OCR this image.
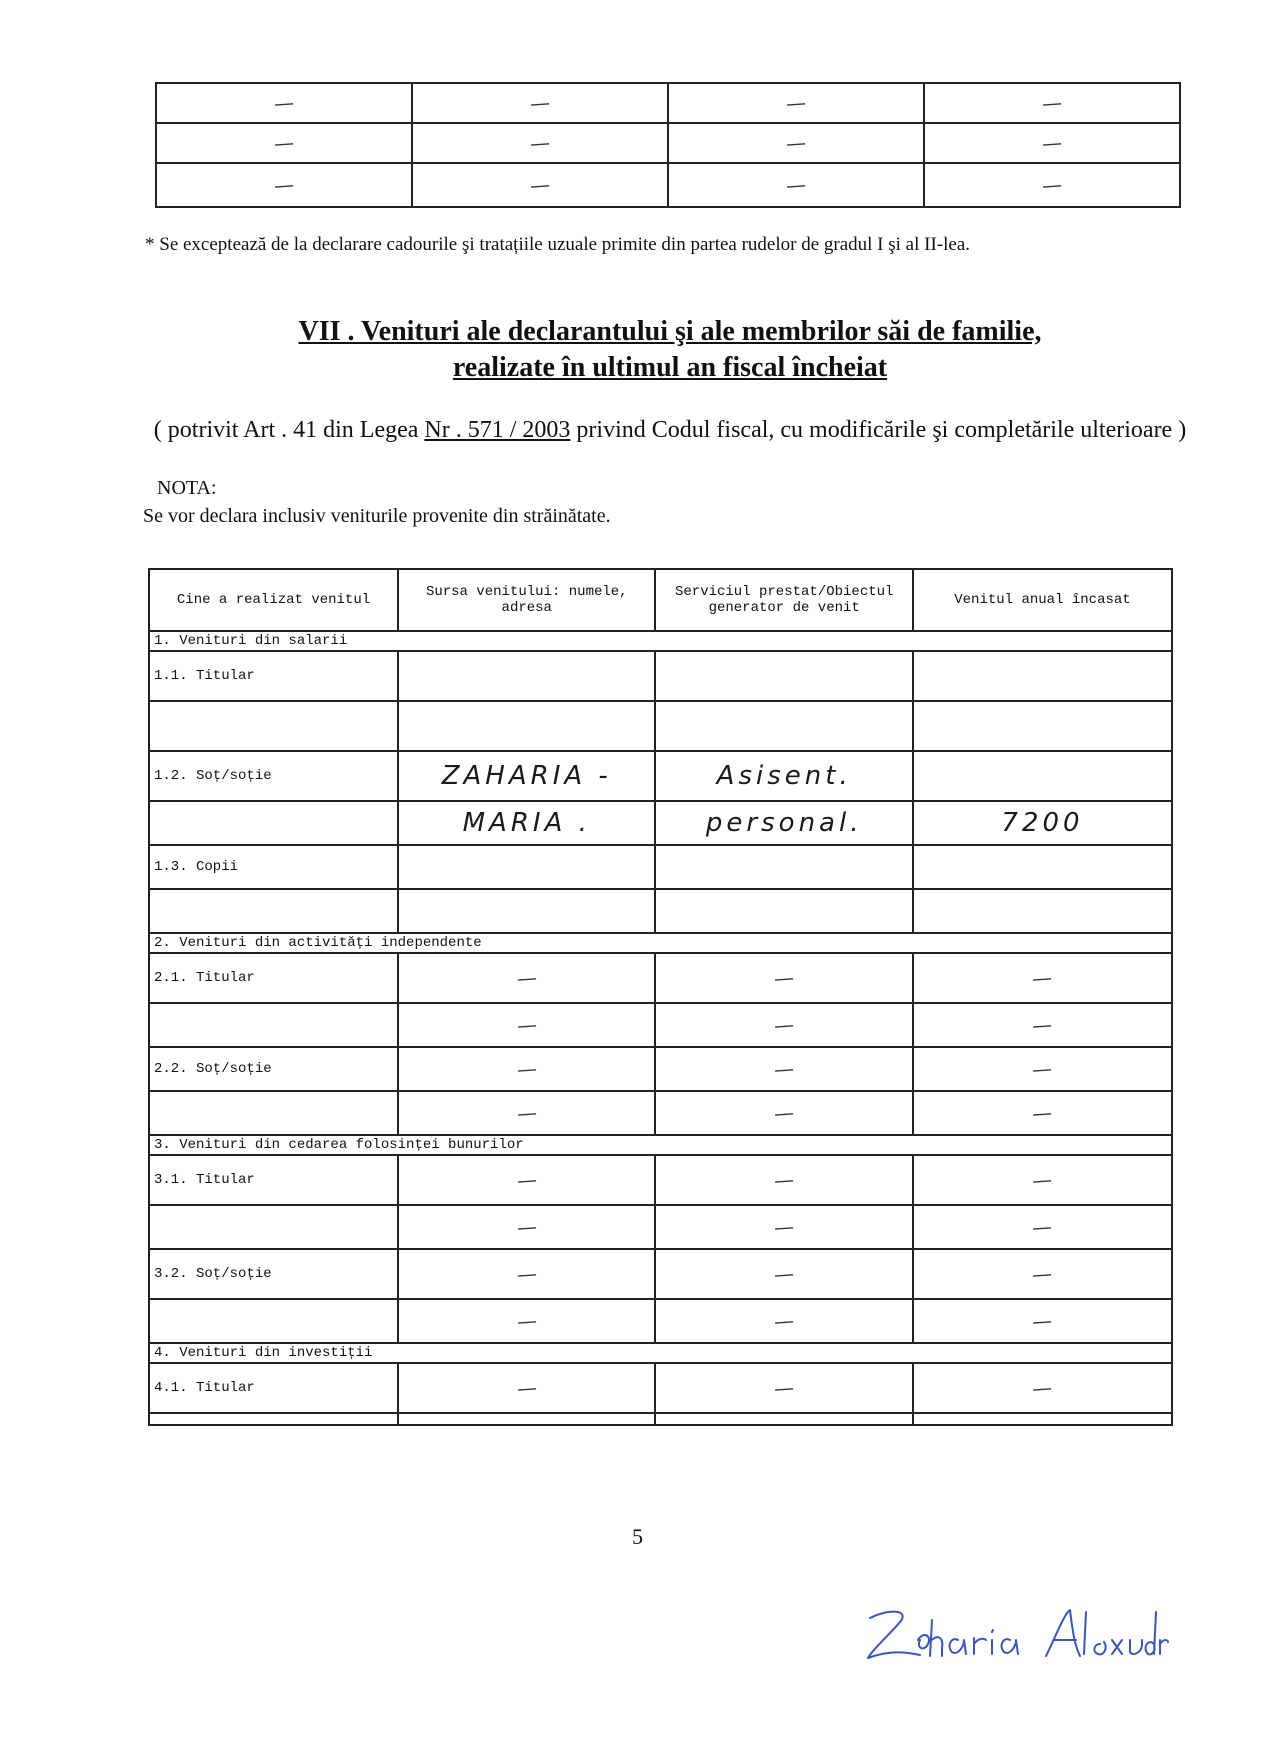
—	—	—	—
—	—	—	—
—	—	—	—
* Se exceptează de la declarare cadourile şi tratațiile uzuale primite din partea rudelor de gradul I şi al II-lea.
VII . Venituri ale declarantului şi ale membrilor săi de familie,
realizate în ultimul an fiscal încheiat
( potrivit Art . 41 din Legea Nr . 571 / 2003 privind Codul fiscal, cu modificările şi completările ulterioare )
NOTA:
Se vor declara inclusiv veniturile provenite din străinătate.
Cine a realizat venitul	Sursa venitului: numele, adresa	Serviciul prestat/Obiectul generator de venit	Venitul anual încasat
1. Venituri din salarii			
1.1. Titular			

1.2. Soț/soție	ZAHARIA -	Asisent.	
	MARIA .	personal.	7200
1.3. Copii			

2. Venituri din activități independente			
2.1. Titular	—	—	—
	—	—	—
2.2. Soț/soție	—	—	—
	—	—	—
3. Venituri din cedarea folosinței bunurilor			
3.1. Titular	—	—	—
	—	—	—
3.2. Soț/soție	—	—	—
	—	—	—
4. Venituri din investiții			
4.1. Titular	—	—	—

5
